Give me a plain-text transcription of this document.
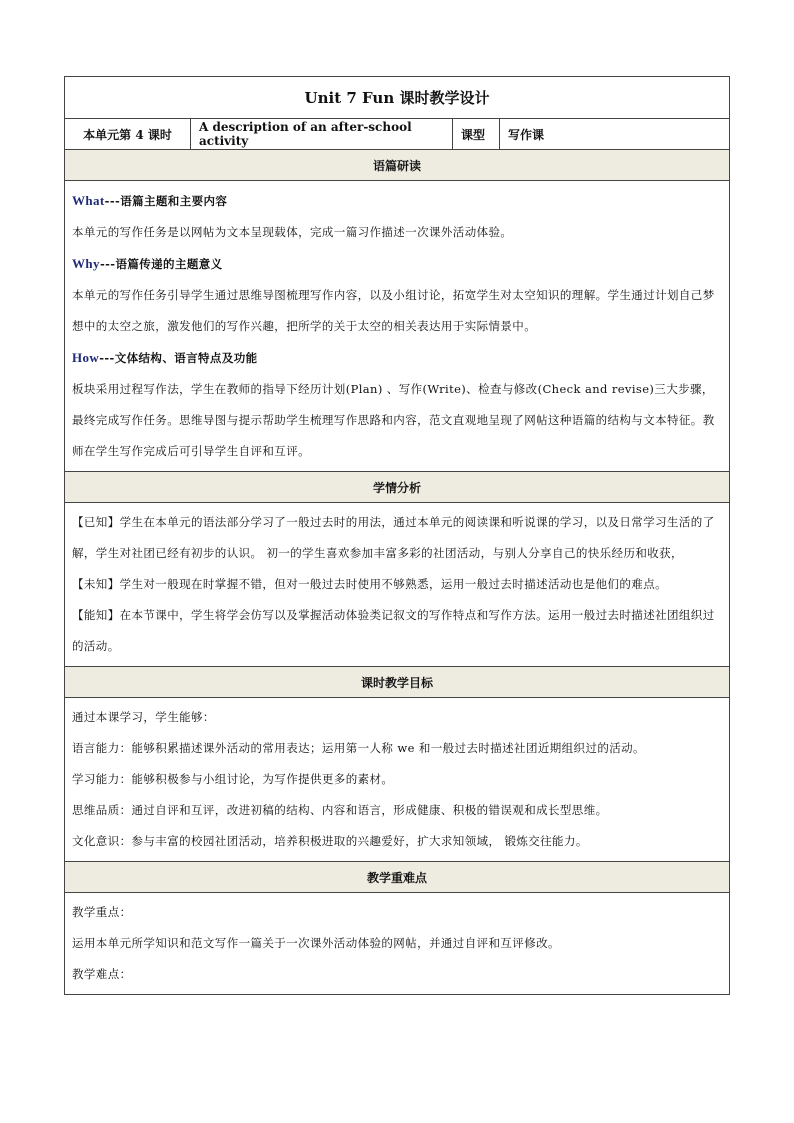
Unit 7 Fun 课时教学设计
本单元第 4 课时
A description of an after-school activity	课型	写作课
语篇研读

What---语篇主题和主要内容

本单元的写作任务是以网帖为文本呈现载体，完成一篇习作描述一次课外活动体验。

Why---语篇传递的主题意义

本单元的写作任务引导学生通过思维导图梳理写作内容，以及小组讨论，拓宽学生对太空知识的理解。学生通过计划自己梦想中的太空之旅，激发他们的写作兴趣，把所学的关于太空的相关表达用于实际情景中。

How---文体结构、语言特点及功能

板块采用过程写作法，学生在教师的指导下经历计划(Plan) 、写作(Write)、检查与修改(Check and revise)三大步骤，最终完成写作任务。思维导图与提示帮助学生梳理写作思路和内容，范文直观地呈现了网帖这种语篇的结构与文本特征。教师在学生写作完成后可引导学生自评和互评。

学情分析

【已知】学生在本单元的语法部分学习了一般过去时的用法，通过本单元的阅读课和听说课的学习，以及日常学习生活的了解，学生对社团已经有初步的认识。 初一的学生喜欢参加丰富多彩的社团活动，与别人分享自己的快乐经历和收获，

【未知】学生对一般现在时掌握不错，但对一般过去时使用不够熟悉，运用一般过去时描述活动也是他们的难点。

【能知】在本节课中，学生将学会仿写以及掌握活动体验类记叙文的写作特点和写作方法。运用一般过去时描述社团组织过的活动。

课时教学目标

通过本课学习，学生能够：

语言能力：能够积累描述课外活动的常用表达；运用第一人称 we 和一般过去时描述社团近期组织过的活动。

学习能力：能够积极参与小组讨论，为写作提供更多的素材。

思维品质：通过自评和互评，改进初稿的结构、内容和语言，形成健康、积极的错误观和成长型思维。

文化意识：参与丰富的校园社团活动，培养积极进取的兴趣爱好，扩大求知领域， 锻炼交往能力。

教学重难点

教学重点：

运用本单元所学知识和范文写作一篇关于一次课外活动体验的网帖，并通过自评和互评修改。

教学难点：
